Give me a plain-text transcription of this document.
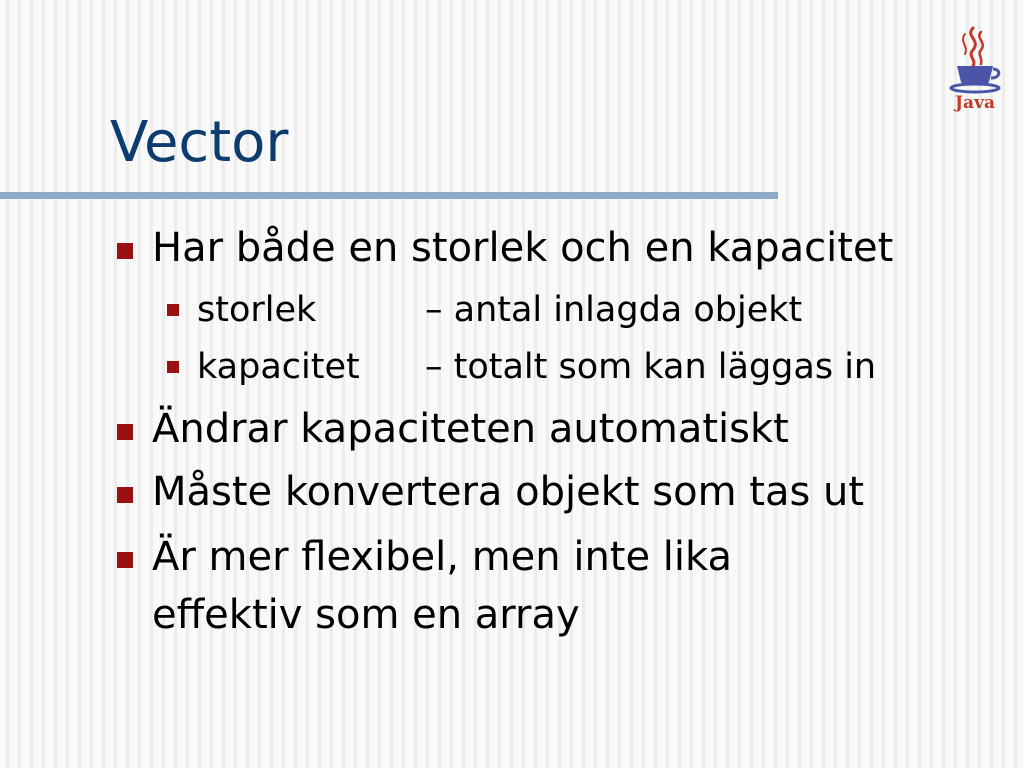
Vector
Java
Har både en storlek och en kapacitet
storlek	– antal inlagda objekt
kapacitet – totalt som kan läggas in
Ändrar kapaciteten automatiskt
Måste konvertera objekt som tas ut
Är mer flexibel, men inte lika
effektiv som en array
